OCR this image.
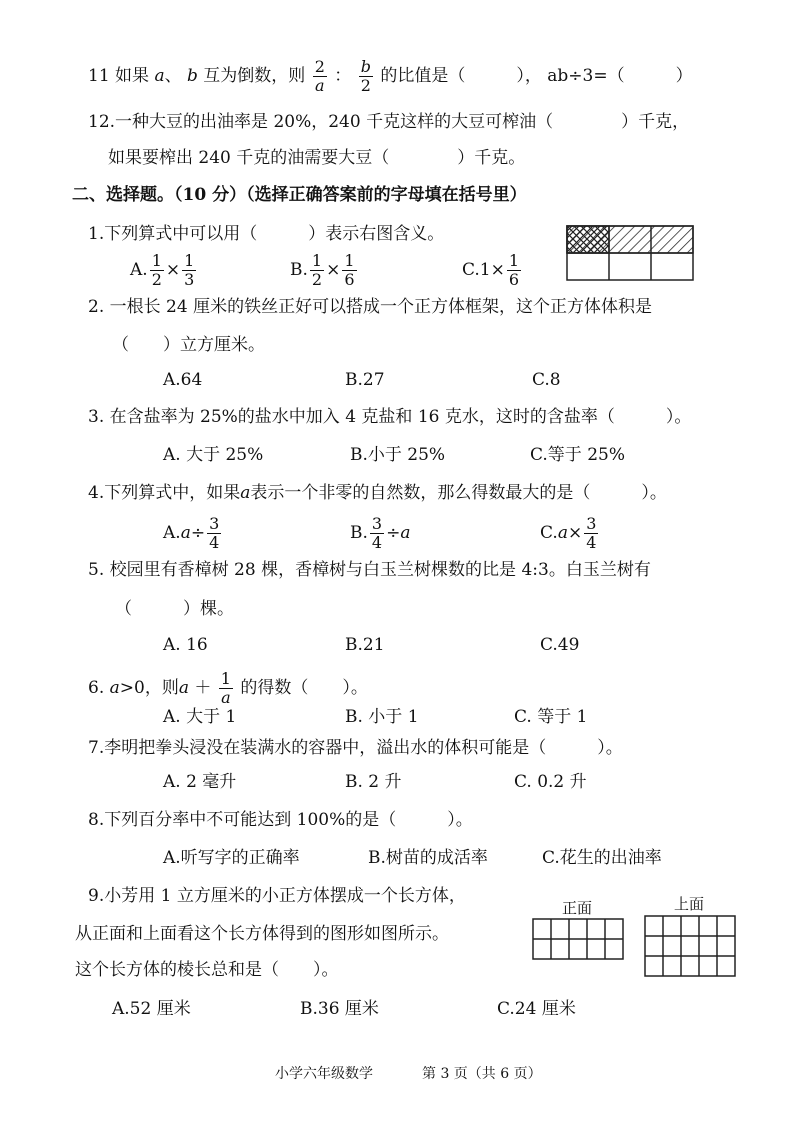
11 如果 a、 b 互为倒数，则 $\frac{2}{a}$ ： $\frac{b}{2}$ 的比值是（　　　）， ab÷3=（　　　）
12.一种大豆的出油率是 20%，240 千克这样的大豆可榨油（　　　　）千克，
如果要榨出 240 千克的油需要大豆（　　　　）千克。
二、选择题。（10 分）（选择正确答案前的字母填在括号里）
1.下列算式中可以用（　　　）表示右图含义。
A. $\frac{1}{2} \times \frac{1}{3}$	B. $\frac{1}{2} \times \frac{1}{6}$	$C.1\times \frac{1}{6}$
2. 一根长 24 厘米的铁丝正好可以搭成一个正方体框架，这个正方体体积是
（　　）立方厘米。
A.64	B.27	C.8
3. 在含盐率为 25%的盐水中加入 4 克盐和 16 克水，这时的含盐率（　　　）。
A. 大于 25%	B.小于 25%	C.等于 25%
4.下列算式中，如果a表示一个非零的自然数，那么得数最大的是（　　　）。
$A.a\div \frac{3}{4}$	B. $\frac{3}{4} \div a$	$C.a\times \frac{3}{4}$
5. 校园里有香樟树 28 棵，香樟树与白玉兰树棵数的比是 4:3。白玉兰树有
（　　　）棵。
A. 16	B.21	C.49
6. a>0，则$a + \frac{1}{a}$ 的得数（　　）。
A. 大于 1	B. 小于 1	C. 等于 1
7.李明把拳头浸没在装满水的容器中，溢出水的体积可能是（　　　）。
A. 2 毫升	B. 2 升	C. 0.2 升
8.下列百分率中不可能达到 100%的是（　　　）。
A.听写字的正确率	B.树苗的成活率	C.花生的出油率
9.小芳用 1 立方厘米的小正方体摆成一个长方体，
从正面和上面看这个长方体得到的图形如图所示。
这个长方体的棱长总和是（　　）。
A.52 厘米	B.36 厘米	C.24 厘米
正面	上面
小学六年级数学	第 3 页（共 6 页）
